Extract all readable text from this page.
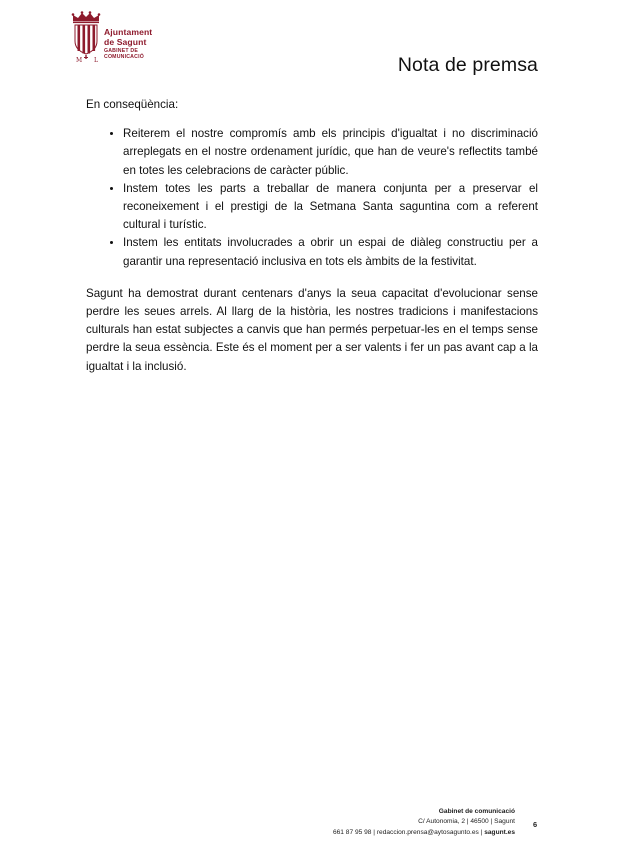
M L
Ajuntament
de Sagunt
GABINET DE
COMUNICACIÓ	Nota de premsa

En conseqüència:

• Reiterem el nostre compromís amb els principis d'igualtat i no discriminació arreplegats en el nostre ordenament jurídic, que han de veure's reflectits també en totes les celebracions de caràcter públic.
• Instem totes les parts a treballar de manera conjunta per a preservar el reconeixement i el prestigi de la Setmana Santa saguntina com a referent cultural i turístic.
• Instem les entitats involucrades a obrir un espai de diàleg constructiu per a garantir una representació inclusiva en tots els àmbits de la festivitat.

Sagunt ha demostrat durant centenars d'anys la seua capacitat d'evolucionar sense perdre les seues arrels. Al llarg de la història, les nostres tradicions i manifestacions culturals han estat subjectes a canvis que han permés perpetuar-les en el temps sense perdre la seua essència. Este és el moment per a ser valents i fer un pas avant cap a la igualtat i la inclusió.

Gabinet de comunicació
C/ Autonomia, 2 | 46500 | Sagunt
661 87 95 98 | redaccion.prensa@aytosagunto.es | sagunt.es
6
